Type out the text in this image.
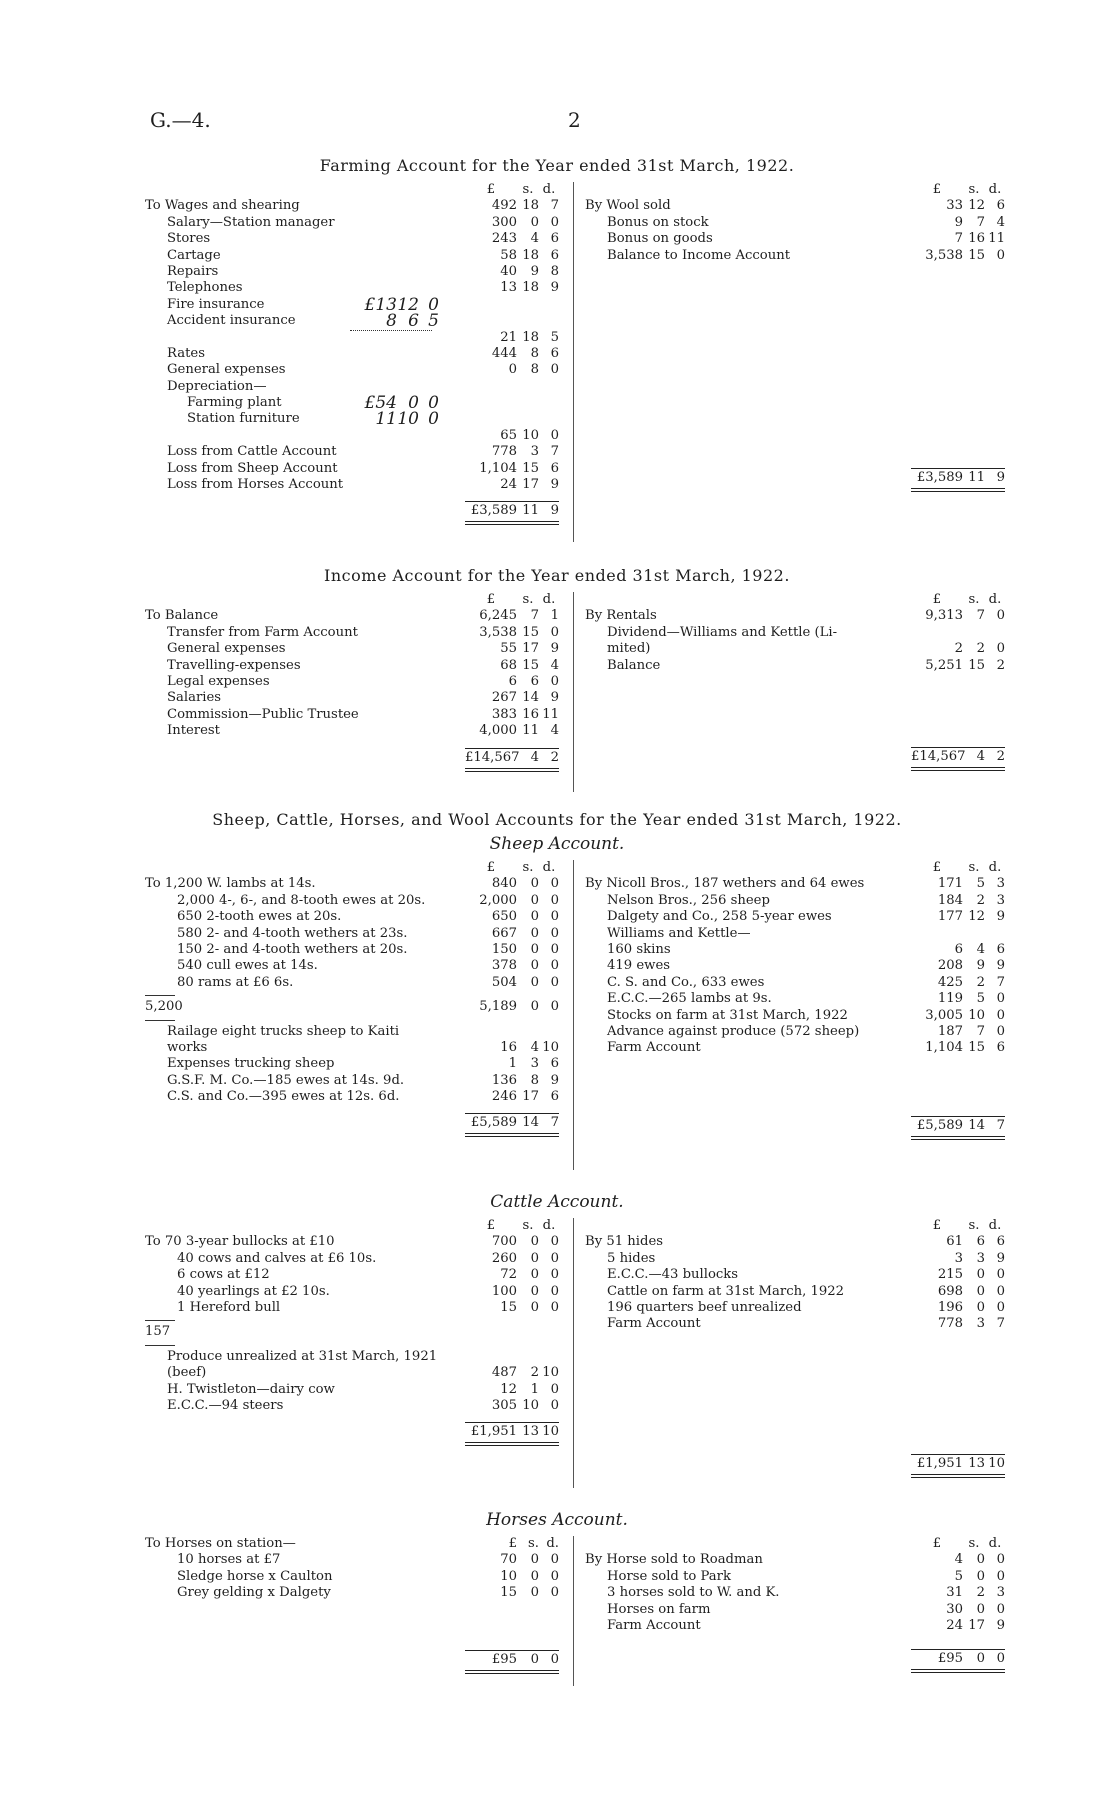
G.—4.	2
Farming Account for the Year ended 31st March, 1922.
£	s. d.
To Wages and shearing	492 18 7
Salary—Station manager	300	0 0
Stores	243	4 6
Cartage	58 18 6
Repairs	40	9 8
Telephones	13 18 9
Fire insurance	£13 12 0
Accident insurance	8 6 5
21 18 5
Rates	444	8 6
General expenses	0	8 0
Depreciation—
Farming plant	£54 0 0
Station furniture	11 10 0
65 10 0
Loss from Cattle Account	778	3 7
Loss from Sheep Account	1,104 15 6
Loss from Horses Account	24 17 9
£3,589 11 9
£	s. d.
By Wool sold	33 12 6
Bonus on stock	9	7 4
Bonus on goods	7 16 11
Balance to Income Account	3,538 15 0
£3,589 11 9
Income Account for the Year ended 31st March, 1922.
£	s. d.
To Balance	6,245	7 1
Transfer from Farm Account	3,538 15 0
General expenses	55 17 9
Travelling-expenses	68 15 4
Legal expenses	6	6 0
Salaries	267 14 9
Commission—Public Trustee	383 16 11
Interest	4,000 11 4
£14,567 4 2
£	s. d.
By Rentals	9,313	7 0
Dividend—Williams and Kettle (Li-
mited)	2	2 0
Balance	5,251 15 2
£14,567 4 2
Sheep, Cattle, Horses, and Wool Accounts for the Year ended 31st March, 1922.
Sheep Account.
£	s. d.
To 1,200 W. lambs at 14s.	840	0 0
2,000 4-, 6-, and 8-tooth ewes at 20s.	2,000	0 0
650 2-tooth ewes at 20s.	650	0 0
580 2- and 4-tooth wethers at 23s.	667	0 0
150 2- and 4-tooth wethers at 20s.	150	0 0
540 cull ewes at 14s.	378	0 0
80 rams at £6 6s.	504	0 0
5,200	5,189	0 0
Railage eight trucks sheep to Kaiti
works	16	4 10
Expenses trucking sheep	1	3 6
G.S.F. M. Co.—185 ewes at 14s. 9d.	136	8 9
C.S. and Co.—395 ewes at 12s. 6d.	246 17 6
£5,589 14 7
£	s. d.
By Nicoll Bros., 187 wethers and 64 ewes	171	5 3
Nelson Bros., 256 sheep	184	2 3
Dalgety and Co., 258 5-year ewes	177 12 9
Williams and Kettle—
160 skins	6	4 6
419 ewes	208	9 9
C. S. and Co., 633 ewes	425	2 7
E.C.C.—265 lambs at 9s.	119	5 0
Stocks on farm at 31st March, 1922	3,005 10 0
Advance against produce (572 sheep)	187	7 0
Farm Account	1,104 15 6
£5,589 14 7
Cattle Account.
£	s. d.
To 70 3-year bullocks at £10	700	0 0
40 cows and calves at £6 10s.	260	0 0
6 cows at £12	72	0 0
40 yearlings at £2 10s.	100	0 0
1 Hereford bull	15	0 0
157
Produce unrealized at 31st March, 1921
(beef)	487	2 10
H. Twistleton—dairy cow	12	1 0
E.C.C.—94 steers	305 10 0
£1,951 13 10
£	s. d.
By 51 hides	61	6 6
5 hides	3	3 9
E.C.C.—43 bullocks	215	0 0
Cattle on farm at 31st March, 1922	698	0 0
196 quarters beef unrealized	196	0 0
Farm Account	778	3 7
£1,951 13 10
Horses Account.
To Horses on station—	£ s. d.
10 horses at £7	70	0 0
Sledge horse x Caulton	10	0 0
Grey gelding x Dalgety	15	0 0
£95	0 0
£	s. d.
By Horse sold to Roadman	4	0 0
Horse sold to Park	5	0 0
3 horses sold to W. and K.	31	2 3
Horses on farm	30	0 0
Farm Account	24 17 9
£95	0 0
